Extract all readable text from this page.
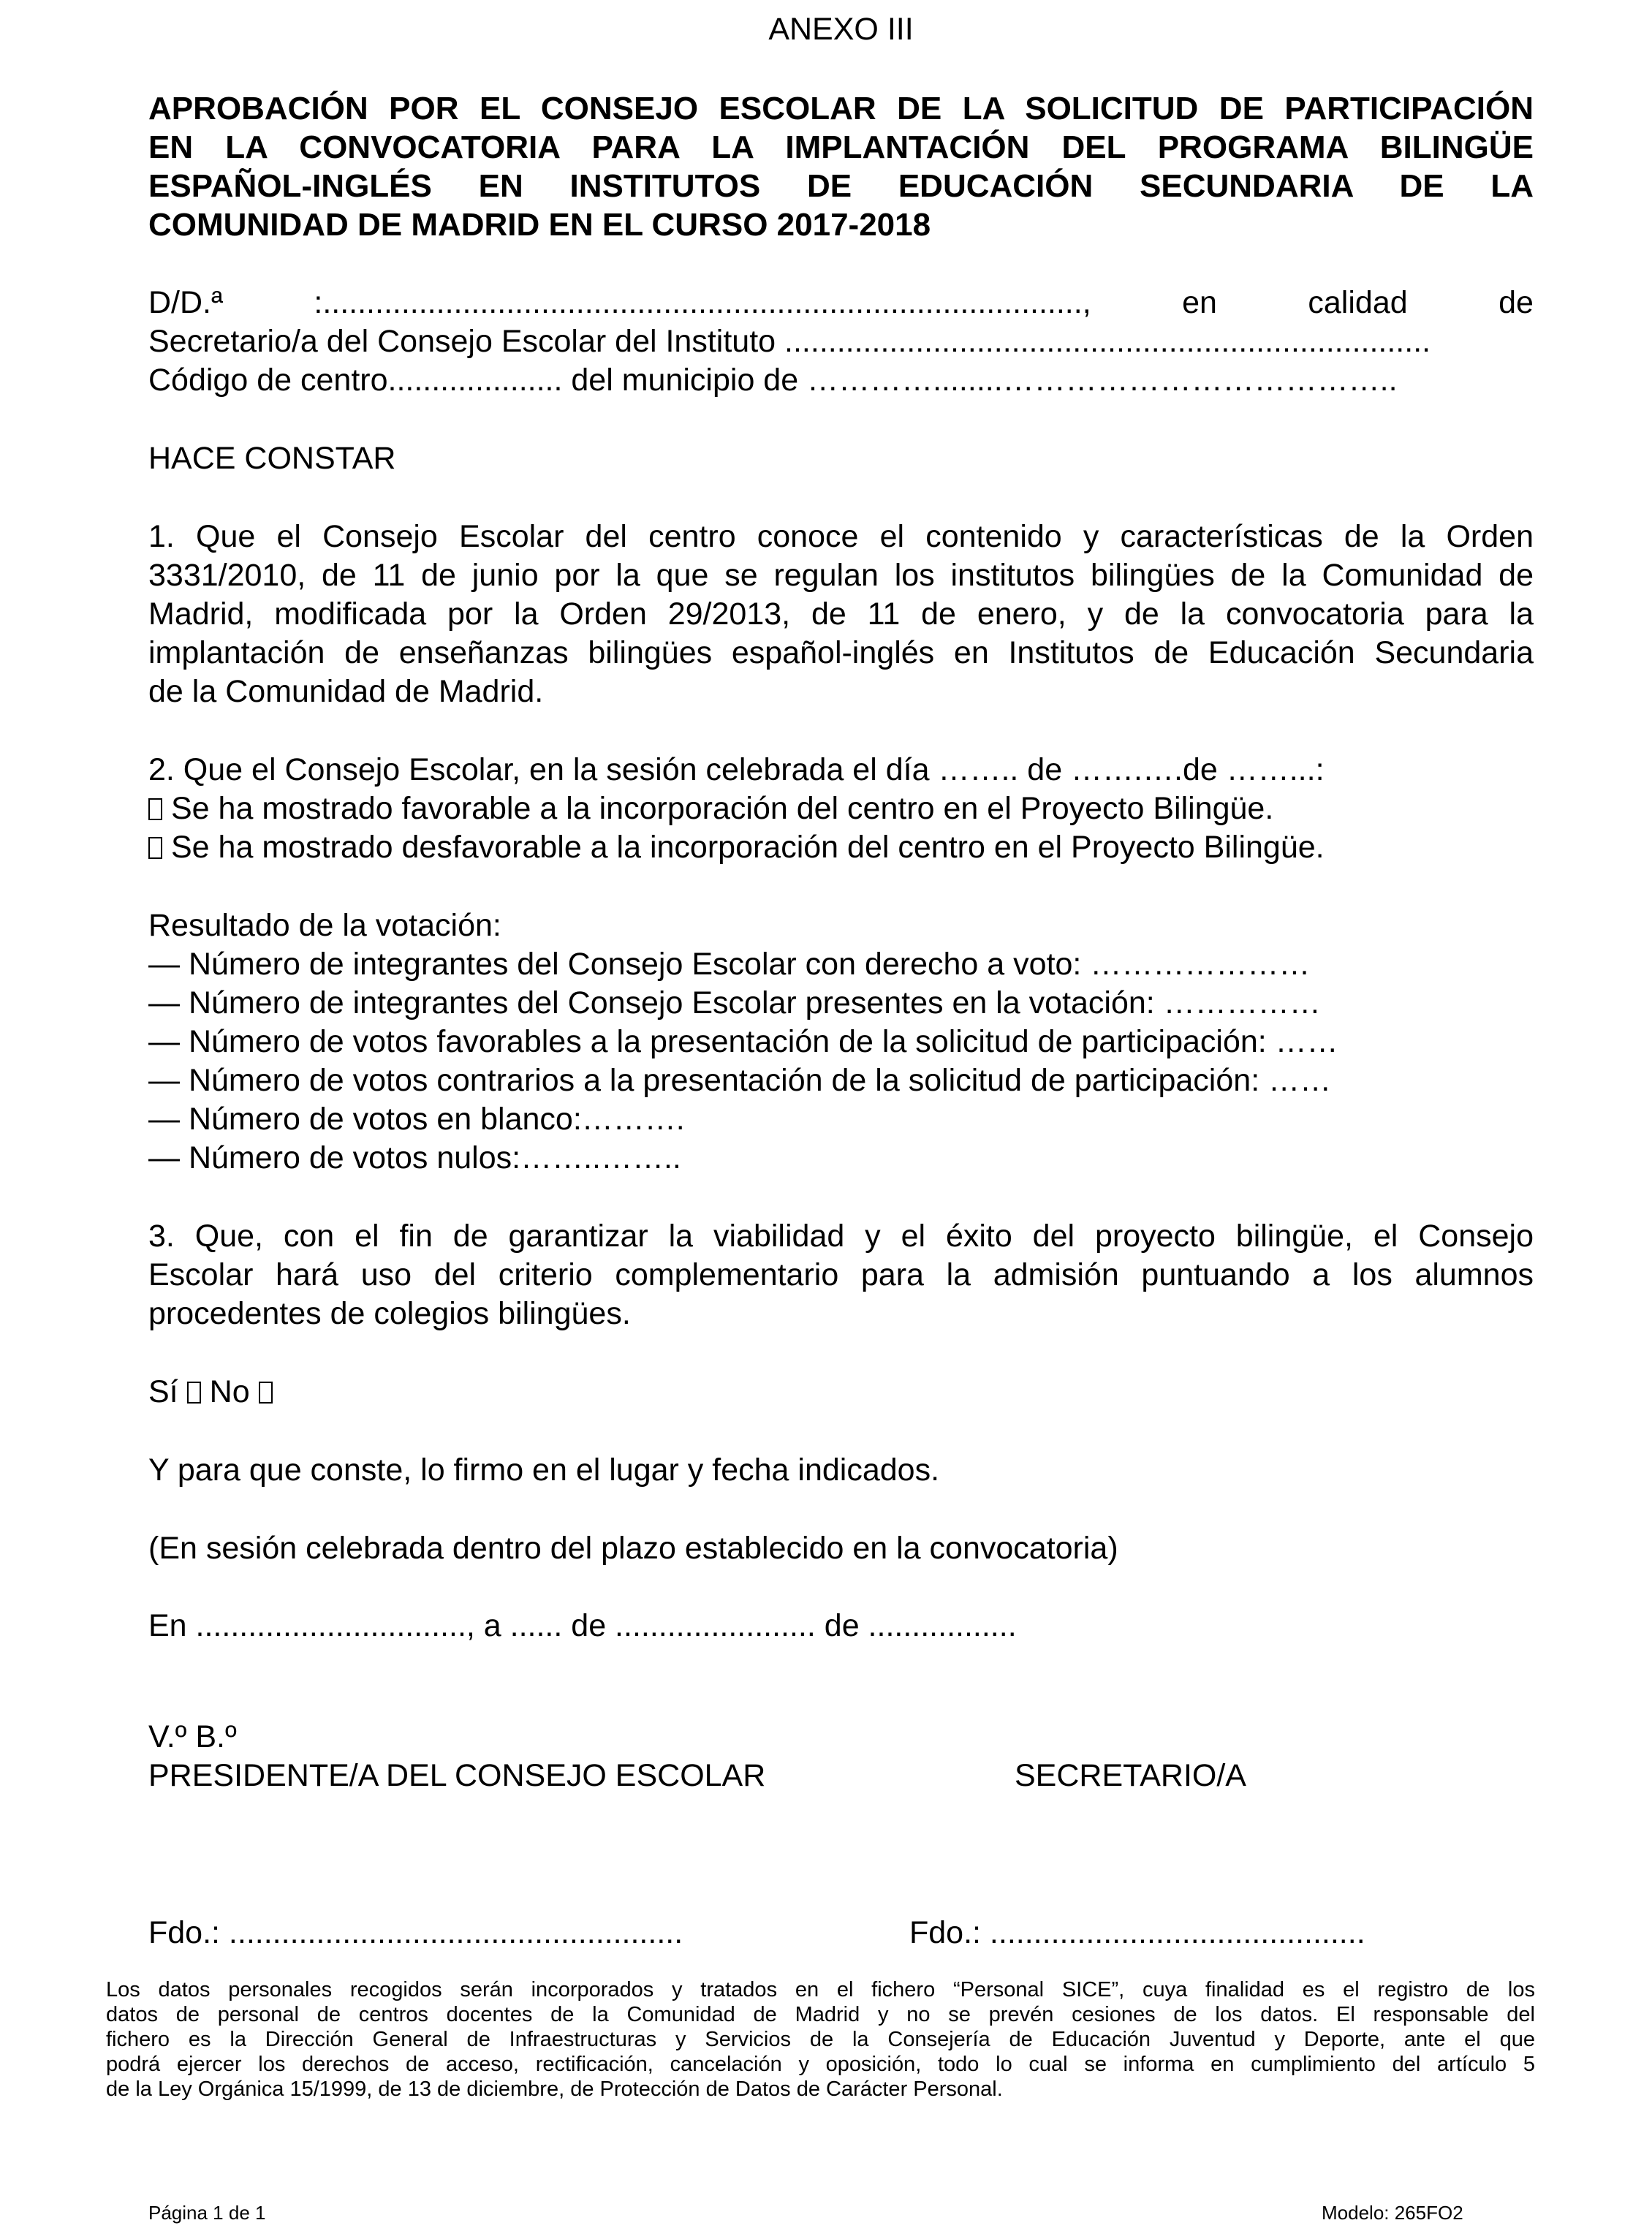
ANEXO III
APROBACIÓN POR EL CONSEJO ESCOLAR DE LA SOLICITUD DE PARTICIPACIÓN
EN LA CONVOCATORIA PARA LA IMPLANTACIÓN DEL PROGRAMA BILINGÜE
ESPAÑOL-INGLÉS EN INSTITUTOS DE EDUCACIÓN SECUNDARIA DE LA
COMUNIDAD DE MADRID EN EL CURSO 2017-2018
D/D.ª	:.......................................................................................,	en	calidad	de
Secretario/a del Consejo Escolar del Instituto ..........................................................................
Código de centro.................... del municipio de …………........………………………………..
HACE CONSTAR
1. Que el Consejo Escolar del centro conoce el contenido y características de la Orden
3331/2010, de 11 de junio por la que se regulan los institutos bilingües de la Comunidad de
Madrid, modificada por la Orden 29/2013, de 11 de enero, y de la convocatoria para la
implantación de enseñanzas bilingües español-inglés en Institutos de Educación Secundaria
de la Comunidad de Madrid.
2. Que el Consejo Escolar, en la sesión celebrada el día …….. de …….….de ……...:
Se ha mostrado favorable a la incorporación del centro en el Proyecto Bilingüe.
Se ha mostrado desfavorable a la incorporación del centro en el Proyecto Bilingüe.
Resultado de la votación:
— Número de integrantes del Consejo Escolar con derecho a voto: …………………
— Número de integrantes del Consejo Escolar presentes en la votación: ……………
— Número de votos favorables a la presentación de la solicitud de participación: ……
— Número de votos contrarios a la presentación de la solicitud de participación: ……
— Número de votos en blanco:……….
— Número de votos nulos:……..……..
3. Que, con el fin de garantizar la viabilidad y el éxito del proyecto bilingüe, el Consejo
Escolar hará uso del criterio complementario para la admisión puntuando a los alumnos
procedentes de colegios bilingües.
Sí No
Y para que conste, lo firmo en el lugar y fecha indicados.
(En sesión celebrada dentro del plazo establecido en la convocatoria)
En ..............................., a ...... de ....................... de .................
V.º B.º
PRESIDENTE/A DEL CONSEJO ESCOLAR	SECRETARIO/A
Fdo.: ....................................................	Fdo.: ...........................................
Los datos personales recogidos serán incorporados y tratados en el fichero “Personal SICE”, cuya finalidad es el registro de los
datos de personal de centros docentes de la Comunidad de Madrid y no se prevén cesiones de los datos. El responsable del
fichero es la Dirección General de Infraestructuras y Servicios de la Consejería de Educación Juventud y Deporte, ante el que
podrá ejercer los derechos de acceso, rectificación, cancelación y oposición, todo lo cual se informa en cumplimiento del artículo 5
de la Ley Orgánica 15/1999, de 13 de diciembre, de Protección de Datos de Carácter Personal.
Página 1 de 1	Modelo: 265FO2
